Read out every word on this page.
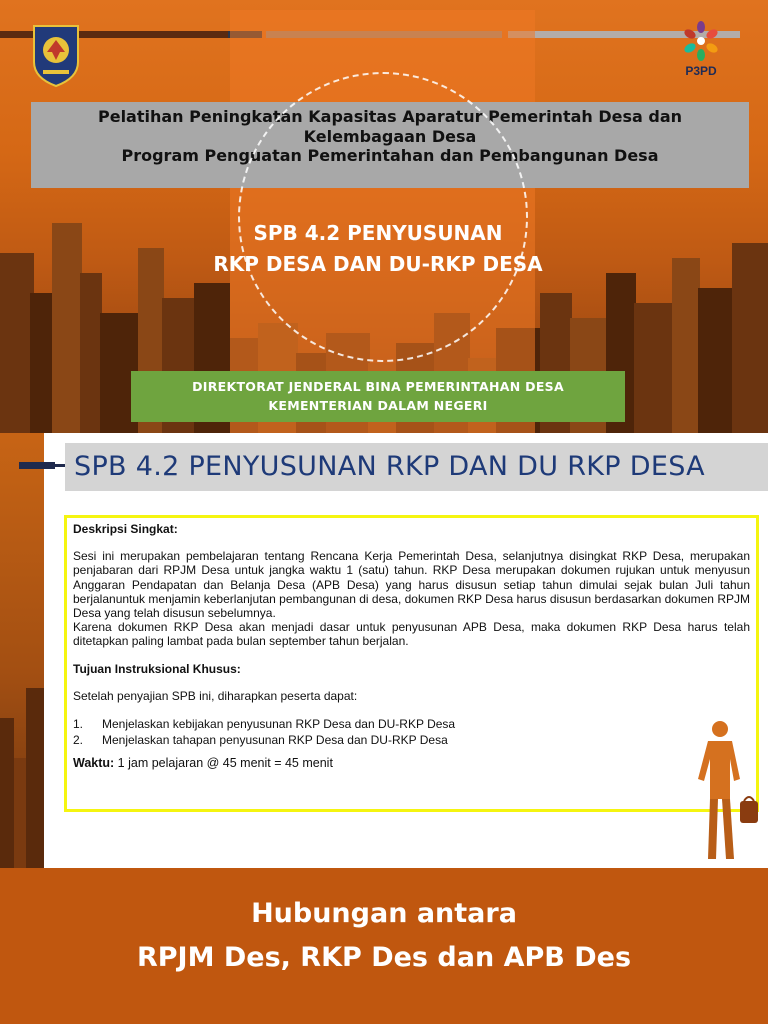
P3PD
Pelatihan Peningkatan Kapasitas Aparatur Pemerintah Desa dan
Kelembagaan Desa
Program Penguatan Pemerintahan dan Pembangunan Desa
SPB 4.2 PENYUSUNAN
RKP DESA DAN DU-RKP DESA
DIREKTORAT JENDERAL BINA PEMERINTAHAN DESA
KEMENTERIAN DALAM NEGERI
SPB 4.2 PENYUSUNAN RKP DAN DU RKP DESA

Deskripsi Singkat:

Sesi ini merupakan pembelajaran tentang Rencana Kerja Pemerintah Desa, selanjutnya disingkat RKP Desa, merupakan penjabaran dari RPJM Desa untuk jangka waktu 1 (satu) tahun. RKP Desa merupakan dokumen rujukan untuk menyusun Anggaran Pendapatan dan Belanja Desa (APB Desa) yang harus disusun setiap tahun dimulai sejak bulan Juli tahun berjalanuntuk menjamin keberlanjutan pembangunan di desa, dokumen RKP Desa harus disusun berdasarkan dokumen RPJM Desa yang telah disusun sebelumnya.

Karena dokumen RKP Desa akan menjadi dasar untuk penyusunan APB Desa, maka dokumen RKP Desa harus telah ditetapkan paling lambat pada bulan september tahun berjalan.

Tujuan Instruksional Khusus:

Setelah penyajian SPB ini, diharapkan peserta dapat:

1.	Menjelaskan kebijakan penyusunan RKP Desa dan DU-RKP Desa
2.	Menjelaskan tahapan penyusunan RKP Desa dan DU-RKP Desa
Waktu: 1 jam pelajaran @ 45 menit = 45 menit
Hubungan antara
RPJM Des, RKP Des dan APB Des
